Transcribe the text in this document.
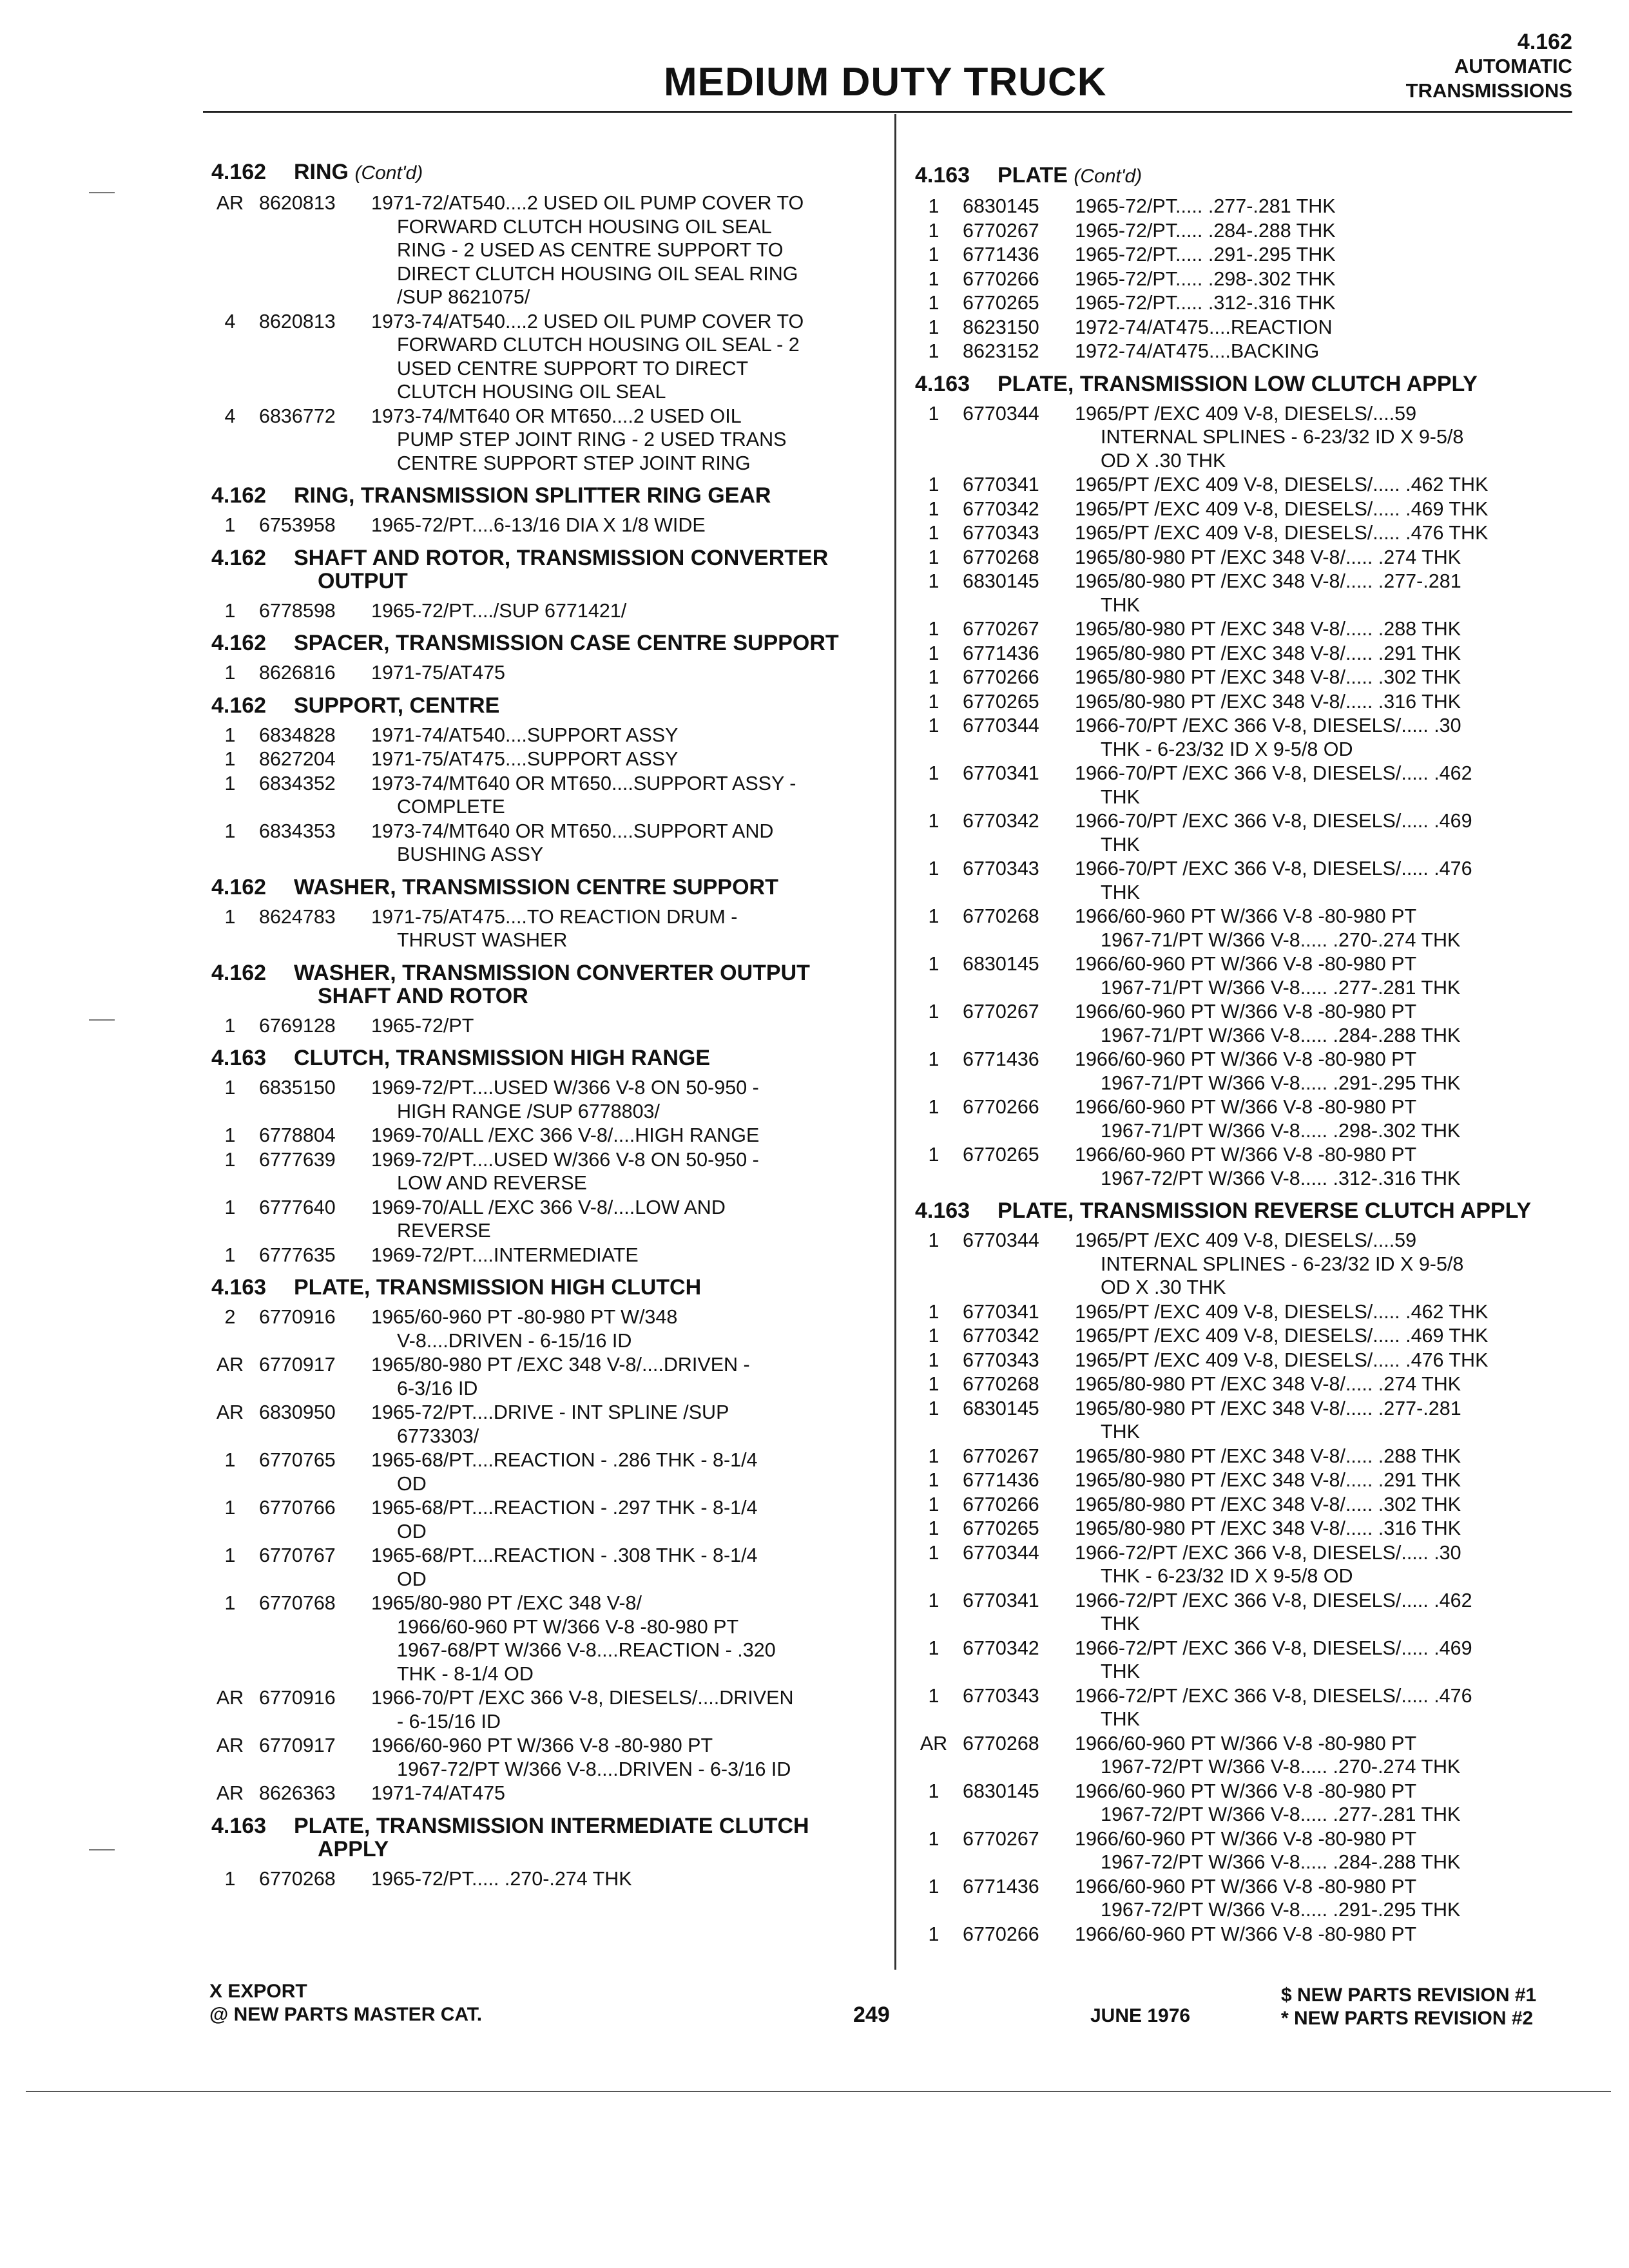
MEDIUM DUTY TRUCK
4.162
AUTOMATIC
TRANSMISSIONS
4.162 RING (Cont'd)
AR 8620813	1971-72/AT540....2 USED OIL PUMP COVER TO
FORWARD CLUTCH HOUSING OIL SEAL
RING - 2 USED AS CENTRE SUPPORT TO
DIRECT CLUTCH HOUSING OIL SEAL RING
/SUP 8621075/
4	8620813	1973-74/AT540....2 USED OIL PUMP COVER TO
FORWARD CLUTCH HOUSING OIL SEAL - 2
USED CENTRE SUPPORT TO DIRECT
CLUTCH HOUSING OIL SEAL
4	6836772	1973-74/MT640 OR MT650....2 USED OIL
PUMP STEP JOINT RING - 2 USED TRANS
CENTRE SUPPORT STEP JOINT RING
4.162 RING, TRANSMISSION SPLITTER RING GEAR
1	6753958	1965-72/PT....6-13/16 DIA X 1/8 WIDE
4.162 SHAFT AND ROTOR, TRANSMISSION CONVERTER OUTPUT
1	6778598	1965-72/PT..../SUP 6771421/
4.162 SPACER, TRANSMISSION CASE CENTRE SUPPORT
1	8626816	1971-75/AT475
4.162 SUPPORT, CENTRE
1	6834828	1971-74/AT540....SUPPORT ASSY
1	8627204	1971-75/AT475....SUPPORT ASSY
1	6834352	1973-74/MT640 OR MT650....SUPPORT ASSY -
COMPLETE
1	6834353	1973-74/MT640 OR MT650....SUPPORT AND
BUSHING ASSY
4.162 WASHER, TRANSMISSION CENTRE SUPPORT
1	8624783	1971-75/AT475....TO REACTION DRUM -
THRUST WASHER
4.162 WASHER, TRANSMISSION CONVERTER OUTPUT SHAFT AND ROTOR
1	6769128	1965-72/PT
4.163 CLUTCH, TRANSMISSION HIGH RANGE
1	6835150	1969-72/PT....USED W/366 V-8 ON 50-950 -
HIGH RANGE /SUP 6778803/
1	6778804	1969-70/ALL /EXC 366 V-8/....HIGH RANGE
1	6777639	1969-72/PT....USED W/366 V-8 ON 50-950 -
LOW AND REVERSE
1	6777640	1969-70/ALL /EXC 366 V-8/....LOW AND
REVERSE
1	6777635	1969-72/PT....INTERMEDIATE
4.163 PLATE, TRANSMISSION HIGH CLUTCH
2	6770916	1965/60-960 PT -80-980 PT W/348
V-8....DRIVEN - 6-15/16 ID
AR 6770917	1965/80-980 PT /EXC 348 V-8/....DRIVEN -
6-3/16 ID
AR 6830950	1965-72/PT....DRIVE - INT SPLINE /SUP
6773303/
1	6770765	1965-68/PT....REACTION - .286 THK - 8-1/4
OD
1	6770766	1965-68/PT....REACTION - .297 THK - 8-1/4
OD
1	6770767	1965-68/PT....REACTION - .308 THK - 8-1/4
OD
1	6770768	1965/80-980 PT /EXC 348 V-8/
1966/60-960 PT W/366 V-8 -80-980 PT
1967-68/PT W/366 V-8....REACTION - .320
THK - 8-1/4 OD
AR 6770916	1966-70/PT /EXC 366 V-8, DIESELS/....DRIVEN
- 6-15/16 ID
AR 6770917	1966/60-960 PT W/366 V-8 -80-980 PT
1967-72/PT W/366 V-8....DRIVEN - 6-3/16 ID
AR 8626363	1971-74/AT475
4.163 PLATE, TRANSMISSION INTERMEDIATE CLUTCH APPLY
1	6770268	1965-72/PT..... .270-.274 THK
4.163 PLATE (Cont'd)
1	6830145	1965-72/PT..... .277-.281 THK
1	6770267	1965-72/PT..... .284-.288 THK
1	6771436	1965-72/PT..... .291-.295 THK
1	6770266	1965-72/PT..... .298-.302 THK
1	6770265	1965-72/PT..... .312-.316 THK
1	8623150	1972-74/AT475....REACTION
1	8623152	1972-74/AT475....BACKING
4.163 PLATE, TRANSMISSION LOW CLUTCH APPLY
1	6770344	1965/PT /EXC 409 V-8, DIESELS/....59
INTERNAL SPLINES - 6-23/32 ID X 9-5/8
OD X .30 THK
1	6770341	1965/PT /EXC 409 V-8, DIESELS/..... .462 THK
1	6770342	1965/PT /EXC 409 V-8, DIESELS/..... .469 THK
1	6770343	1965/PT /EXC 409 V-8, DIESELS/..... .476 THK
1	6770268	1965/80-980 PT /EXC 348 V-8/..... .274 THK
1	6830145	1965/80-980 PT /EXC 348 V-8/..... .277-.281
THK
1	6770267	1965/80-980 PT /EXC 348 V-8/..... .288 THK
1	6771436	1965/80-980 PT /EXC 348 V-8/..... .291 THK
1	6770266	1965/80-980 PT /EXC 348 V-8/..... .302 THK
1	6770265	1965/80-980 PT /EXC 348 V-8/..... .316 THK
1	6770344	1966-70/PT /EXC 366 V-8, DIESELS/..... .30
THK - 6-23/32 ID X 9-5/8 OD
1	6770341	1966-70/PT /EXC 366 V-8, DIESELS/..... .462
THK
1	6770342	1966-70/PT /EXC 366 V-8, DIESELS/..... .469
THK
1	6770343	1966-70/PT /EXC 366 V-8, DIESELS/..... .476
THK
1	6770268	1966/60-960 PT W/366 V-8 -80-980 PT
1967-71/PT W/366 V-8..... .270-.274 THK
1	6830145	1966/60-960 PT W/366 V-8 -80-980 PT
1967-71/PT W/366 V-8..... .277-.281 THK
1	6770267	1966/60-960 PT W/366 V-8 -80-980 PT
1967-71/PT W/366 V-8..... .284-.288 THK
1	6771436	1966/60-960 PT W/366 V-8 -80-980 PT
1967-71/PT W/366 V-8..... .291-.295 THK
1	6770266	1966/60-960 PT W/366 V-8 -80-980 PT
1967-71/PT W/366 V-8..... .298-.302 THK
1	6770265	1966/60-960 PT W/366 V-8 -80-980 PT
1967-72/PT W/366 V-8..... .312-.316 THK
4.163 PLATE, TRANSMISSION REVERSE CLUTCH APPLY
1	6770344	1965/PT /EXC 409 V-8, DIESELS/....59
INTERNAL SPLINES - 6-23/32 ID X 9-5/8
OD X .30 THK
1	6770341	1965/PT /EXC 409 V-8, DIESELS/..... .462 THK
1	6770342	1965/PT /EXC 409 V-8, DIESELS/..... .469 THK
1	6770343	1965/PT /EXC 409 V-8, DIESELS/..... .476 THK
1	6770268	1965/80-980 PT /EXC 348 V-8/..... .274 THK
1	6830145	1965/80-980 PT /EXC 348 V-8/..... .277-.281
THK
1	6770267	1965/80-980 PT /EXC 348 V-8/..... .288 THK
1	6771436	1965/80-980 PT /EXC 348 V-8/..... .291 THK
1	6770266	1965/80-980 PT /EXC 348 V-8/..... .302 THK
1	6770265	1965/80-980 PT /EXC 348 V-8/..... .316 THK
1	6770344	1966-72/PT /EXC 366 V-8, DIESELS/..... .30
THK - 6-23/32 ID X 9-5/8 OD
1	6770341	1966-72/PT /EXC 366 V-8, DIESELS/..... .462
THK
1	6770342	1966-72/PT /EXC 366 V-8, DIESELS/..... .469
THK
1	6770343	1966-72/PT /EXC 366 V-8, DIESELS/..... .476
THK
AR 6770268	1966/60-960 PT W/366 V-8 -80-980 PT
1967-72/PT W/366 V-8..... .270-.274 THK
1	6830145	1966/60-960 PT W/366 V-8 -80-980 PT
1967-72/PT W/366 V-8..... .277-.281 THK
1	6770267	1966/60-960 PT W/366 V-8 -80-980 PT
1967-72/PT W/366 V-8..... .284-.288 THK
1	6771436	1966/60-960 PT W/366 V-8 -80-980 PT
1967-72/PT W/366 V-8..... .291-.295 THK
1	6770266	1966/60-960 PT W/366 V-8 -80-980 PT
X EXPORT
@ NEW PARTS MASTER CAT.	249	JUNE 1976
$ NEW PARTS REVISION #1
* NEW PARTS REVISION #2
